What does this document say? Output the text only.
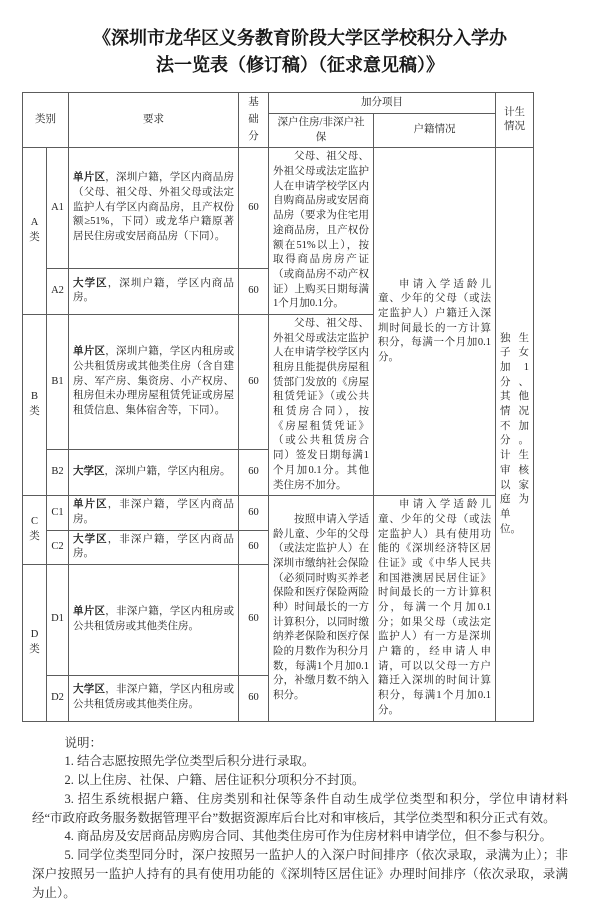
《深圳市龙华区义务教育阶段大学区学校积分入学办
法一览表（修订稿）（征求意见稿）》
类别		要求	基础分	加分项目		计生情况
				深户住房/非深户社保	户籍情况	
A类	A1	单片区，深圳户籍，学区内商品房（父母、祖父母、外祖父母或法定监护人有学区内商品房，且产权份额≥51%，下同）或龙华户籍原著居民住房或安居商品房（下同）。	60	父母、祖父母、外祖父母或法定监护人在申请学校学区内自购商品房或安居商品房（要求为住宅用途商品房，且产权份额在51%以上），按取得商品房房产证（或商品房不动产权证）上购买日期每满1个月加0.1分。	申请入学适龄儿童、少年的父母（或法定监护人）户籍迁入深圳时间最长的一方计算积分，每满一个月加0.1分。	独生子女加1分、其他情况不加分。计生审核以家庭为单位。
	A2	大学区，深圳户籍，学区内商品房。	60			
B类	B1	单片区，深圳户籍，学区内租房或公共租赁房或其他类住房（含自建房、军产房、集资房、小产权房、租房但未办理房屋租赁凭证或房屋租赁信息、集体宿舍等，下同）。	60	父母、祖父母、外祖父母或法定监护人在申请学校学区内租房且能提供房屋租赁部门发放的《房屋租赁凭证》（或公共租赁房合同），按《房屋租赁凭证》（或公共租赁房合同）签发日期每满1个月加0.1分。其他类住房不加分。		
	B2	大学区，深圳户籍，学区内租房。	60			
C类	C1	单片区，非深户籍，学区内商品房。	60	按照申请入学适龄儿童、少年的父母（或法定监护人）在深圳市缴纳社会保险（必须同时购买养老保险和医疗保险两险种）时间最长的一方计算积分，以同时缴纳养老保险和医疗保险的月数作为积分月数，每满1个月加0.1分，补缴月数不纳入积分。	申请入学适龄儿童、少年的父母（或法定监护人）具有使用功能的《深圳经济特区居住证》或《中华人民共和国港澳居民居住证》时间最长的一方计算积分，每满一个月加0.1分；如果父母（或法定监护人）有一方是深圳户籍的，经申请人申请，可以以父母一方户籍迁入深圳的时间计算积分，每满1个月加0.1分。	
	C2	大学区，非深户籍，学区内商品房。	60			
D类	D1	单片区，非深户籍，学区内租房或公共租赁房或其他类住房。	60			
	D2	大学区，非深户籍，学区内租房或公共租赁房或其他类住房。	60			

说明：

1. 结合志愿按照先学位类型后积分进行录取。

2. 以上住房、社保、户籍、居住证积分项积分不封顶。

3. 招生系统根据户籍、住房类别和社保等条件自动生成学位类型和积分，学位申请材料经“市政府政务服务数据管理平台”数据资源库后台比对和审核后，其学位类型和积分正式有效。

4. 商品房及安居商品房购房合同、其他类住房可作为住房材料申请学位，但不参与积分。

5. 同学位类型同分时，深户按照另一监护人的入深户时间排序（依次录取，录满为止）；非深户按照另一监护人持有的具有使用功能的《深圳特区居住证》办理时间排序（依次录取，录满为止）。
